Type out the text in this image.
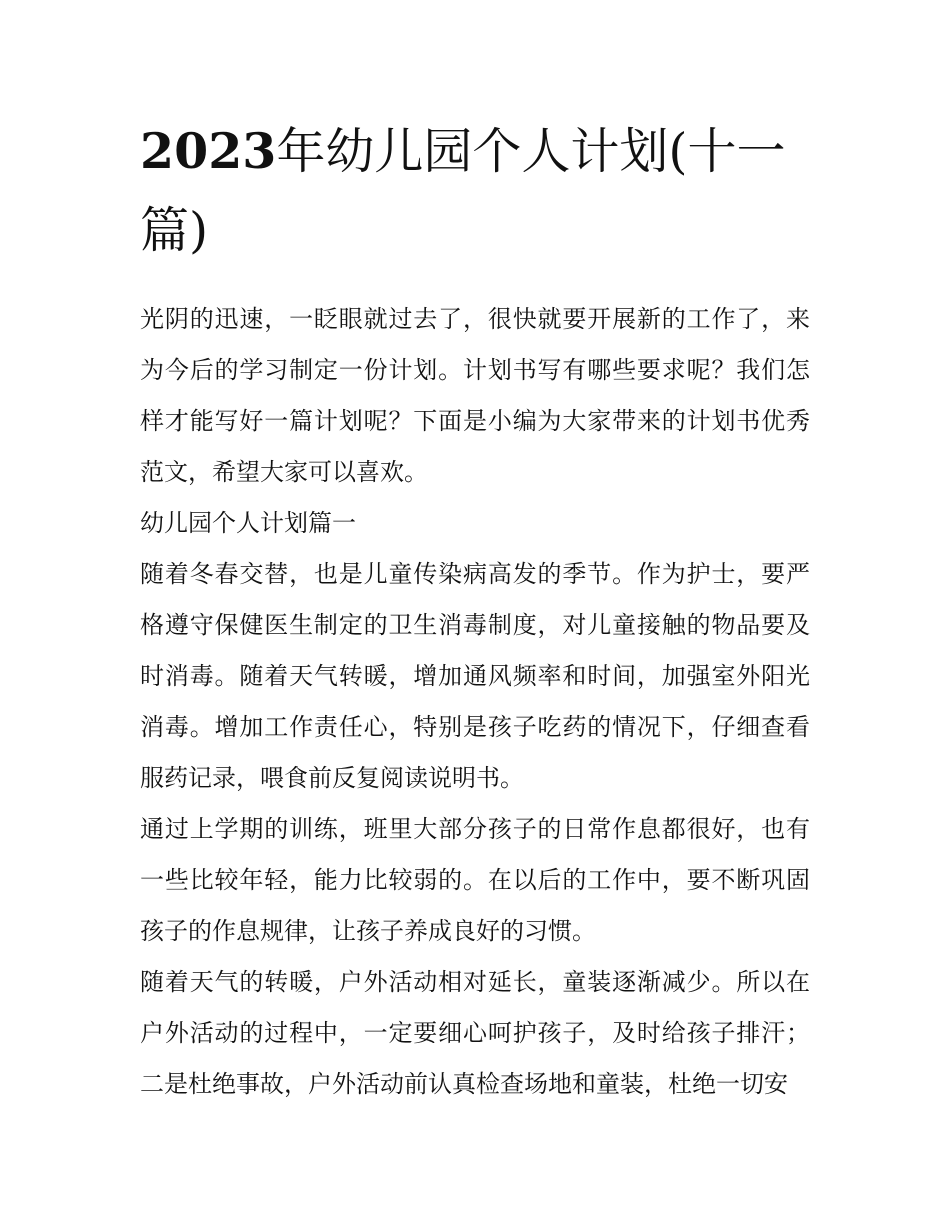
2023年幼儿园个人计划(十一篇)

光阴的迅速，一眨眼就过去了，很快就要开展新的工作了，来为今后的学习制定一份计划。计划书写有哪些要求呢？我们怎样才能写好一篇计划呢？下面是小编为大家带来的计划书优秀范文，希望大家可以喜欢。

幼儿园个人计划篇一

随着冬春交替，也是儿童传染病高发的季节。作为护士，要严格遵守保健医生制定的卫生消毒制度，对儿童接触的物品要及时消毒。随着天气转暖，增加通风频率和时间，加强室外阳光消毒。增加工作责任心，特别是孩子吃药的情况下，仔细查看服药记录，喂食前反复阅读说明书。

通过上学期的训练，班里大部分孩子的日常作息都很好，也有一些比较年轻，能力比较弱的。在以后的工作中，要不断巩固孩子的作息规律，让孩子养成良好的习惯。

随着天气的转暖，户外活动相对延长，童装逐渐减少。所以在户外活动的过程中，一定要细心呵护孩子，及时给孩子排汗；二是杜绝事故，户外活动前认真检查场地和童装，杜绝一切安
